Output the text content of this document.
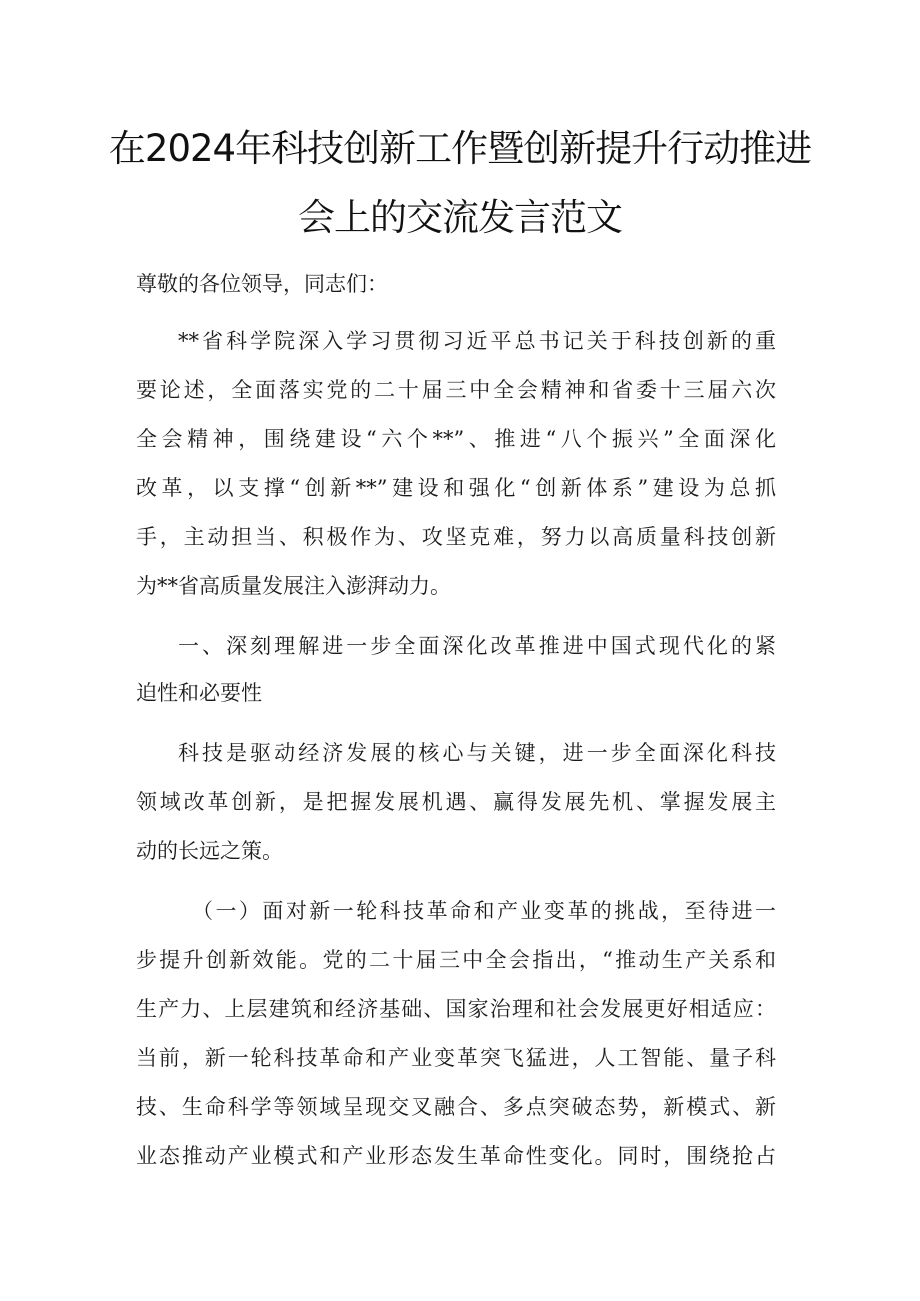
在2024年科技创新工作暨创新提升行动推进
会上的交流发言范文
尊敬的各位领导，同志们：
**省科学院深入学习贯彻习近平总书记关于科技创新的重
要论述，全面落实党的二十届三中全会精神和省委十三届六次
全会精神，围绕建设“六个**”、推进“八个振兴”全面深化
改革，以支撑“创新**”建设和强化“创新体系”建设为总抓
手，主动担当、积极作为、攻坚克难，努力以高质量科技创新
为**省高质量发展注入澎湃动力。
一、深刻理解进一步全面深化改革推进中国式现代化的紧
迫性和必要性
科技是驱动经济发展的核心与关键，进一步全面深化科技
领域改革创新，是把握发展机遇、赢得发展先机、掌握发展主
动的长远之策。
（一）面对新一轮科技革命和产业变革的挑战，至待进一
步提升创新效能。党的二十届三中全会指出，“推动生产关系和
生产力、上层建筑和经济基础、国家治理和社会发展更好相适应：
当前，新一轮科技革命和产业变革突飞猛进，人工智能、量子科
技、生命科学等领域呈现交叉融合、多点突破态势，新模式、新
业态推动产业模式和产业形态发生革命性变化。同时，围绕抢占
